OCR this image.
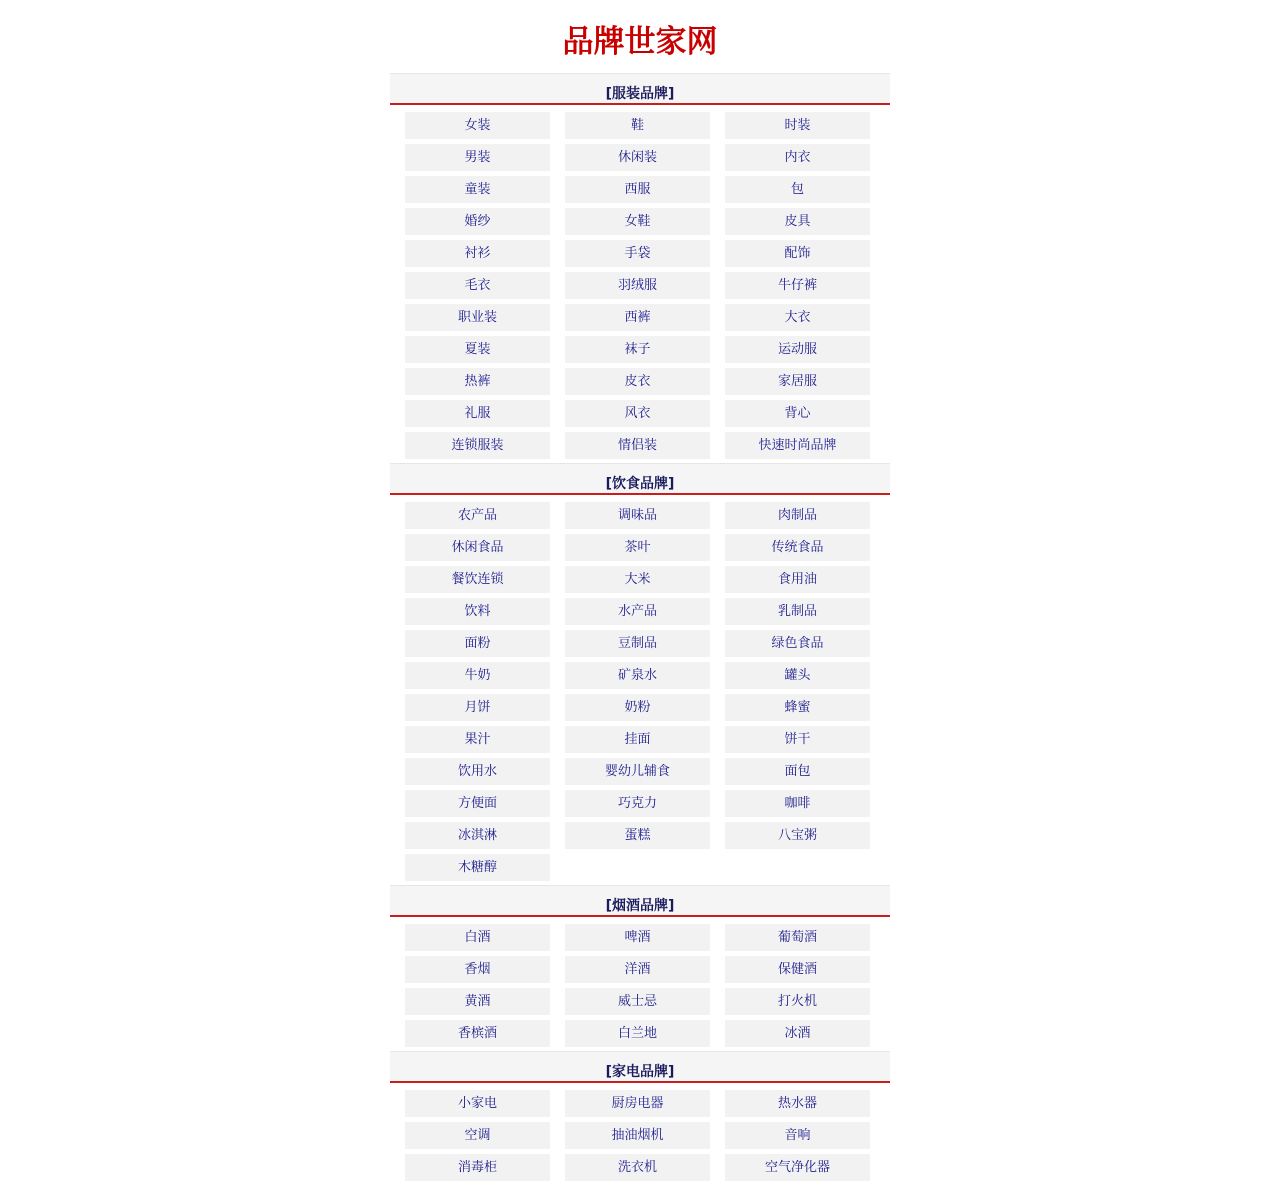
品牌世家网
[服装品牌]
女装	鞋	时装
男装	休闲装	内衣
童装	西服	包
婚纱	女鞋	皮具
衬衫	手袋	配饰
毛衣	羽绒服	牛仔裤
职业装	西裤	大衣
夏装	袜子	运动服
热裤	皮衣	家居服
礼服	风衣	背心
连锁服装	情侣装	快速时尚品牌
[饮食品牌]
农产品	调味品	肉制品
休闲食品	茶叶	传统食品
餐饮连锁	大米	食用油
饮料	水产品	乳制品
面粉	豆制品	绿色食品
牛奶	矿泉水	罐头
月饼	奶粉	蜂蜜
果汁	挂面	饼干
饮用水	婴幼儿辅食	面包
方便面	巧克力	咖啡
冰淇淋	蛋糕	八宝粥
木糖醇
[烟酒品牌]
白酒	啤酒	葡萄酒
香烟	洋酒	保健酒
黄酒	威士忌	打火机
香槟酒	白兰地	冰酒
[家电品牌]
小家电	厨房电器	热水器
空调	抽油烟机	音响
消毒柜	洗衣机	空气净化器
